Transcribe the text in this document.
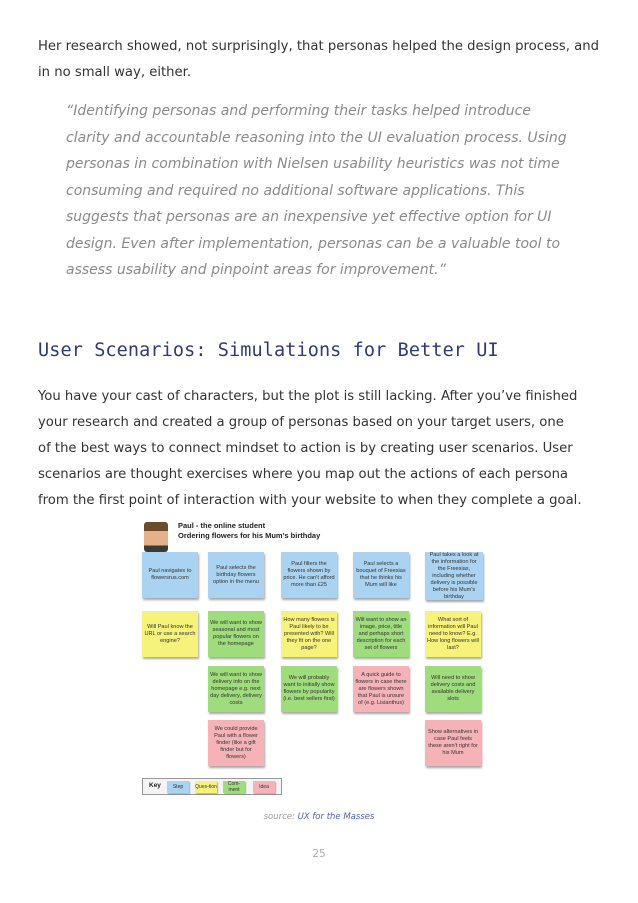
Her research showed, not surprisingly, that personas helped the design process, and
in no small way, either.

“Identifying personas and performing their tasks helped introduce
clarity and accountable reasoning into the UI evaluation process. Using
personas in combination with Nielsen usability heuristics was not time
consuming and required no additional software applications. This
suggests that personas are an inexpensive yet effective option for UI
design. Even after implementation, personas can be a valuable tool to
assess usability and pinpoint areas for improvement.”

User Scenarios: Simulations for Better UI

You have your cast of characters, but the plot is still lacking. After you’ve finished
your research and created a group of personas based on your target users, one
of the best ways to connect mindset to action is by creating user scenarios. User
scenarios are thought exercises where you map out the actions of each persona
from the first point of interaction with your website to when they complete a goal.

Paul - the online student
Ordering flowers for his Mum’s birthday
Paul navigates to flowersrus.com
Paul selects the birthday flowers option in the menu
Paul filters the flowers shown by price. He can't afford more than £25
Paul selects a bouquet of Freesias that he thinks his Mum will like
Paul takes a look at the information for the Freesias, including whether delivery is possible before his Mum's birthday
Will Paul know the URL or use a search engine?
We will want to show seasonal and most popular flowers on the homepage
How many flowers is Paul likely to be presented with? Will they fit on the one page?
Will want to show an image, price, title and perhaps short description for each set of flowers
What sort of information will Paul need to know? E.g. How long flowers will last?
We will want to show delivery info on the homepage e.g. next day delivery, delivery costs
We will probably want to initially show flowers by popularity (i.e. best sellers first)
A quick guide to flowers in case there are flowers shown that Paul is unsure of (e.g. Lisianthus)
Will need to show delivery costs and available delivery slots
We could provide Paul with a flower finder (like a gift finder but for flowers)
Show alternatives in case Paul feels these aren't right for his Mum
Key	Step	Ques-tion	Com-ment	Idea
source: UX for the Masses
25
